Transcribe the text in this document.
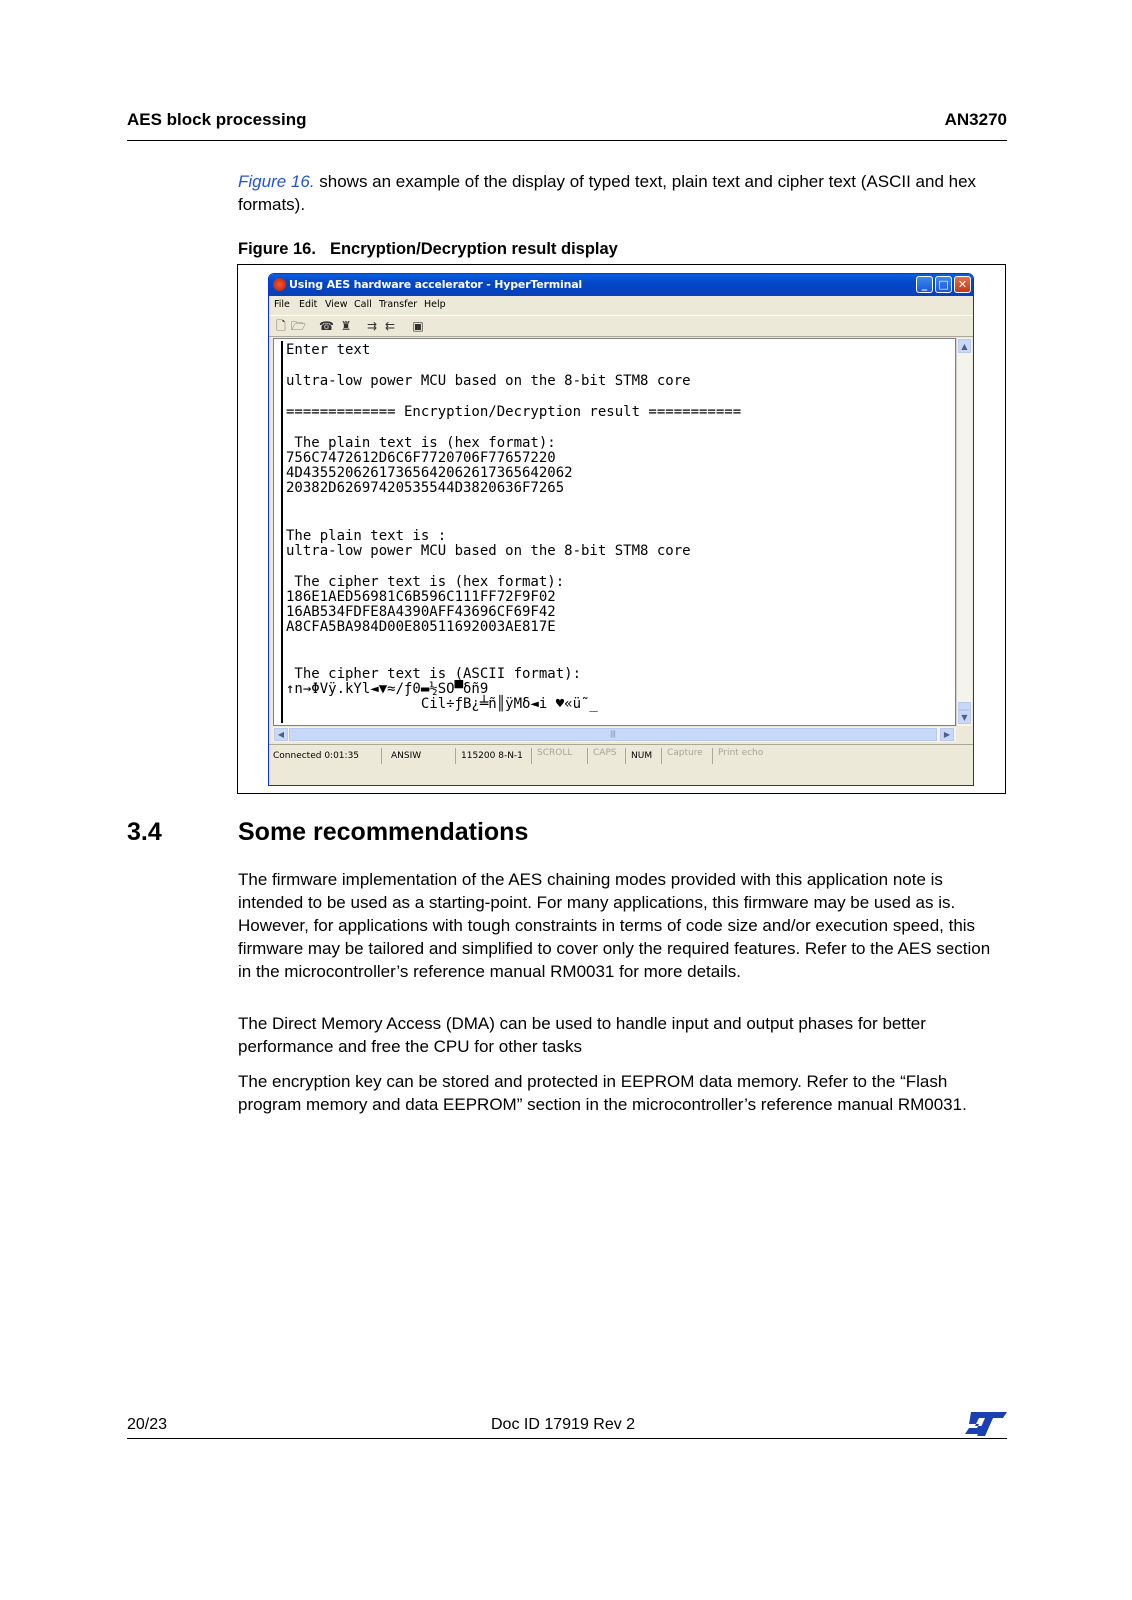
AES block processing	AN3270
Figure 16. shows an example of the display of typed text, plain text and cipher text (ASCII and hex formats).
Figure 16. Encryption/Decryption result display
Using AES hardware accelerator - HyperTerminal	_	□ ✕
File Edit View Call Transfer Help
🗋 🗁 ☎ ♜ ⇉ ⇇ ▣
Enter text
ultra-low power MCU based on the 8-bit STM8 core
============= Encryption/Decryption result ===========
The plain text is (hex format):
756C7472612D6C6F7720706F77657220
4D43552062617365642062617365642062
20382D62697420535544D3820636F7265
The plain text is :
ultra-low power MCU based on the 8-bit STM8 core
The cipher text is (hex format):
186E1AED56981C6B596C111FF72F9F02
16AB534FDFE8A4390AFF43696CF69F42
A8CFA5BA984D00E80511692003AE817E
The cipher text is (ASCII format):
↑n→ΦVÿ.kYl◄▼≈/ƒ0▬½SO▀δñ9
Cil÷ƒB¿╧ñ║ÿMδ◄i ♥«ü˜_
▲
▼
◀	|||	▶
Connected 0:01:35	ANSIW	115200 8-N-1 SCROLL CAPS NUM Capture Print echo
3.4	Some recommendations
The firmware implementation of the AES chaining modes provided with this application note is intended to be used as a starting-point. For many applications, this firmware may be used as is. However, for applications with tough constraints in terms of code size and/or execution speed, this firmware may be tailored and simplified to cover only the required features. Refer to the AES section in the microcontroller’s reference manual RM0031 for more details.
The Direct Memory Access (DMA) can be used to handle input and output phases for better performance and free the CPU for other tasks
The encryption key can be stored and protected in EEPROM data memory. Refer to the “Flash program memory and data EEPROM” section in the microcontroller’s reference manual RM0031.
20/23	Doc ID 17919 Rev 2
